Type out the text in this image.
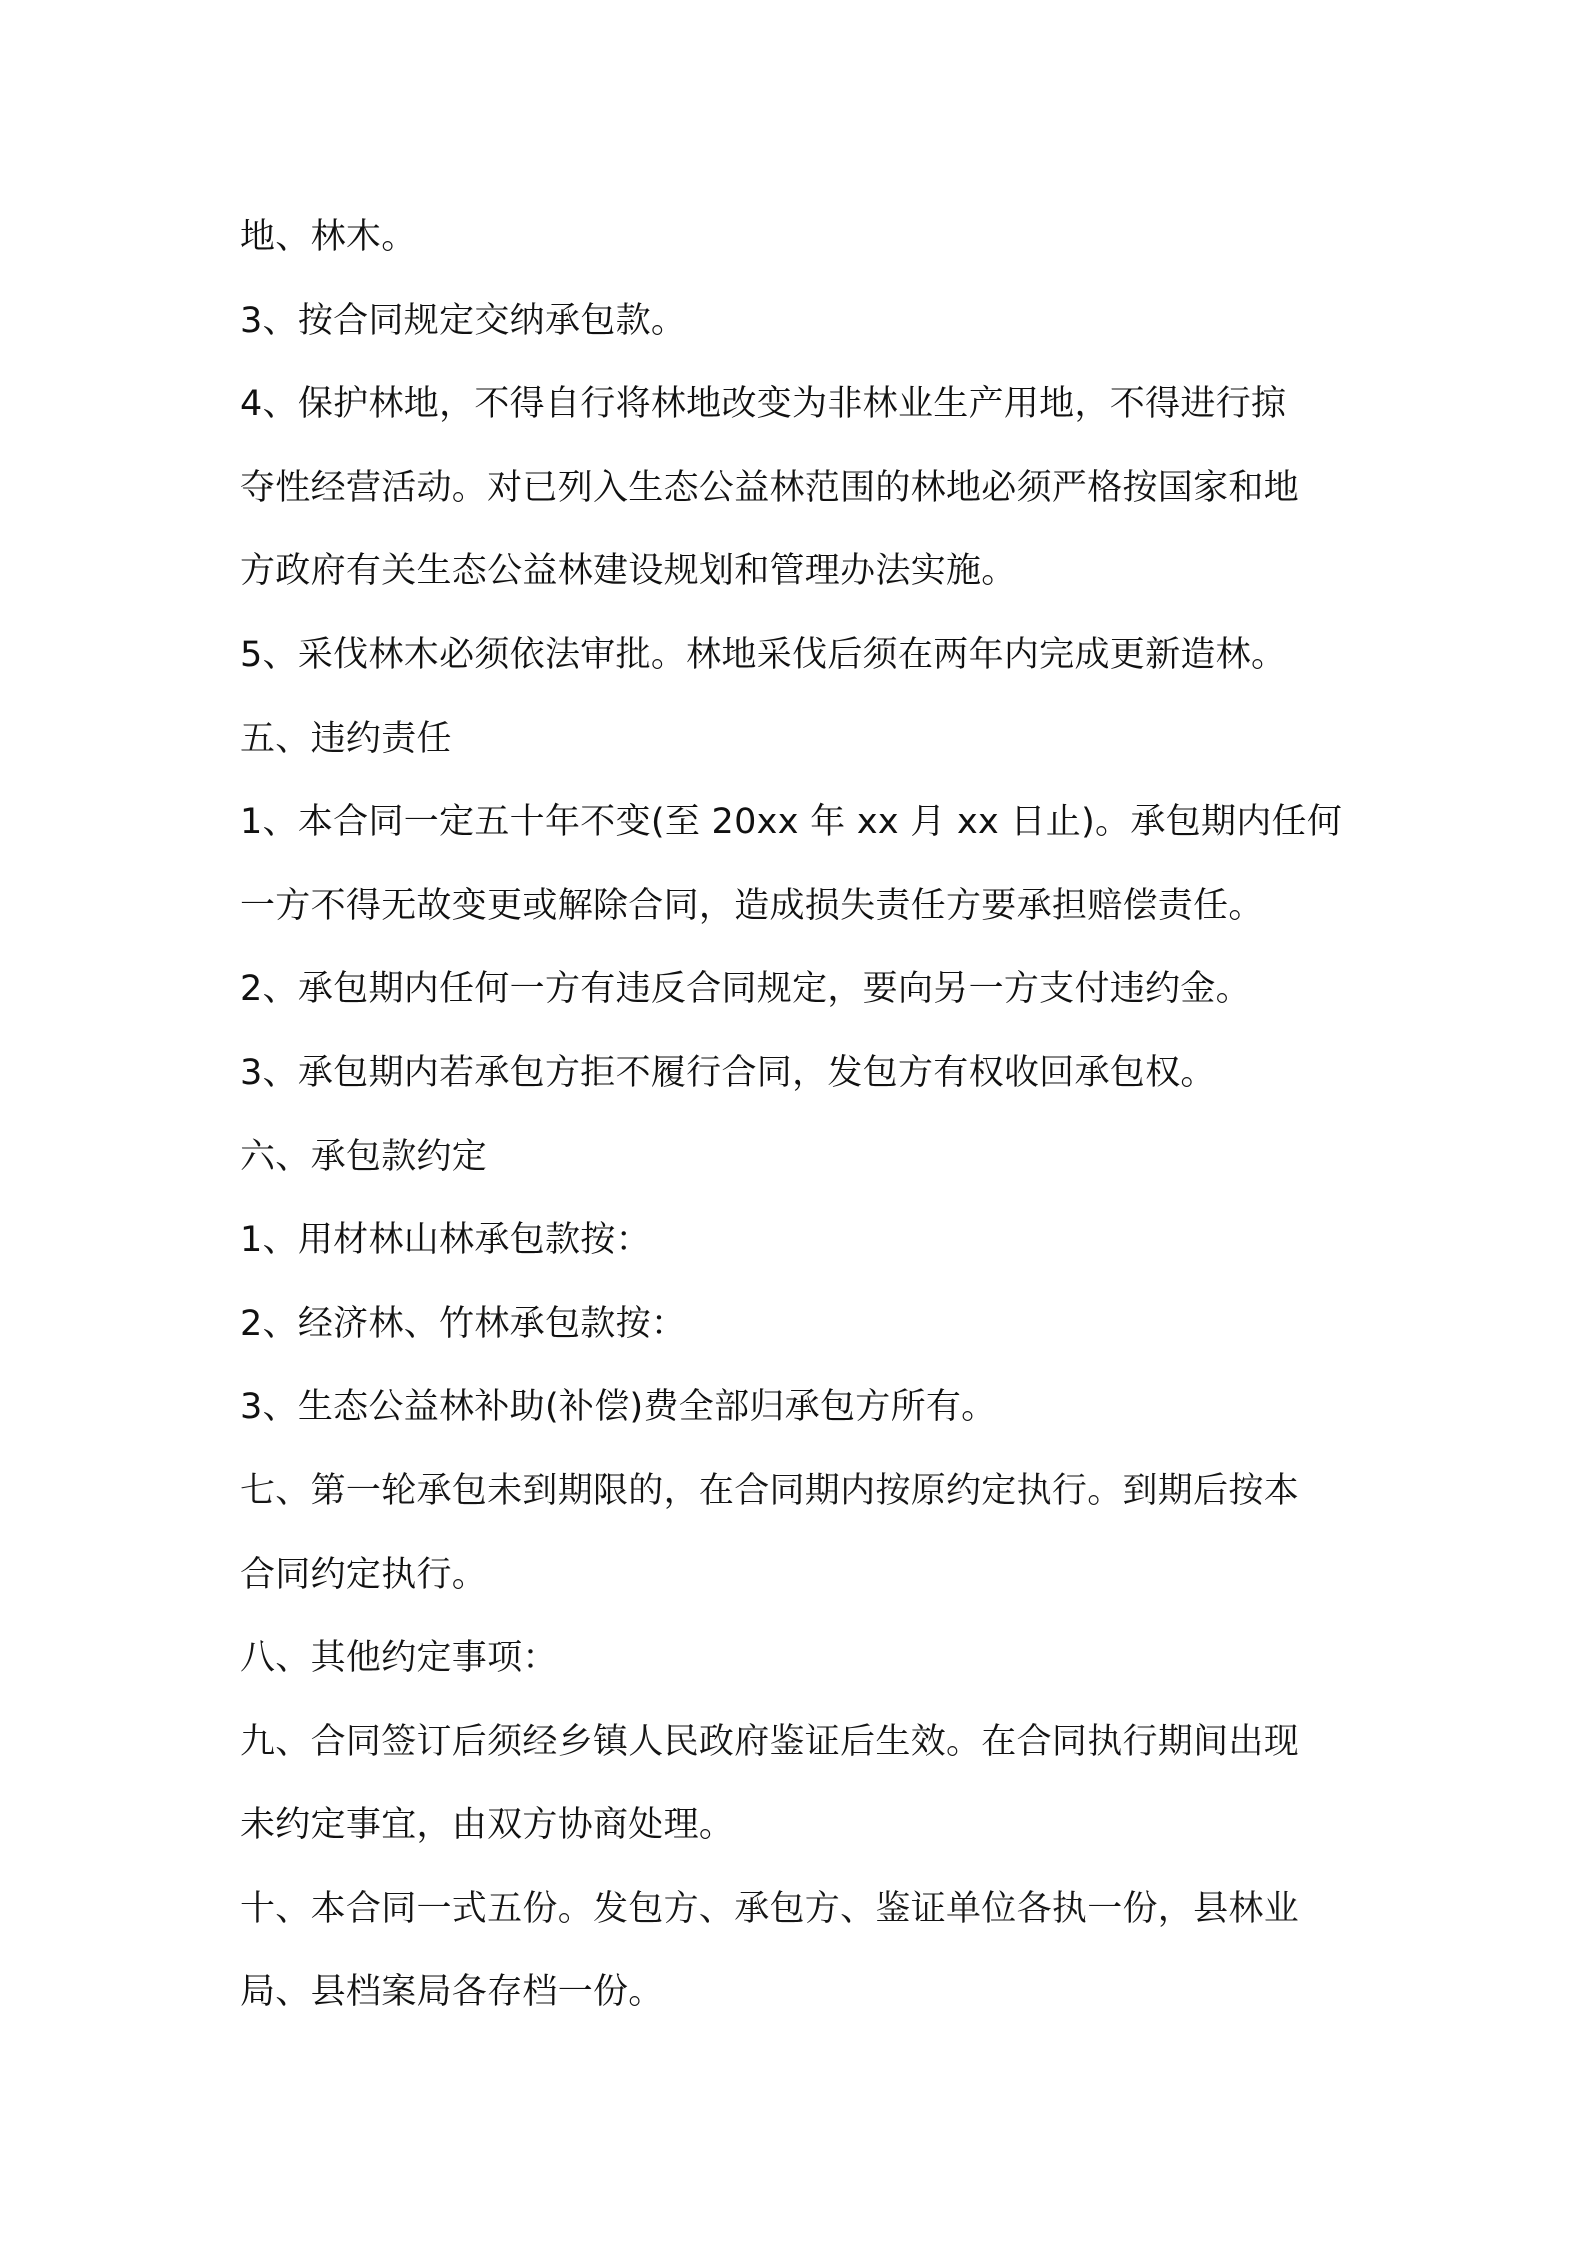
地、林木。
3、按合同规定交纳承包款。
4、保护林地，不得自行将林地改变为非林业生产用地，不得进行掠
夺性经营活动。对已列入生态公益林范围的林地必须严格按国家和地
方政府有关生态公益林建设规划和管理办法实施。
5、采伐林木必须依法审批。林地采伐后须在两年内完成更新造林。
五、违约责任
1、本合同一定五十年不变(至 20xx 年 xx 月 xx 日止)。承包期内任何
一方不得无故变更或解除合同，造成损失责任方要承担赔偿责任。
2、承包期内任何一方有违反合同规定，要向另一方支付违约金。
3、承包期内若承包方拒不履行合同，发包方有权收回承包权。
六、承包款约定
1、用材林山林承包款按：
2、经济林、竹林承包款按：
3、生态公益林补助(补偿)费全部归承包方所有。
七、第一轮承包未到期限的，在合同期内按原约定执行。到期后按本
合同约定执行。
八、其他约定事项：
九、合同签订后须经乡镇人民政府鉴证后生效。在合同执行期间出现
未约定事宜，由双方协商处理。
十、本合同一式五份。发包方、承包方、鉴证单位各执一份，县林业
局、县档案局各存档一份。
